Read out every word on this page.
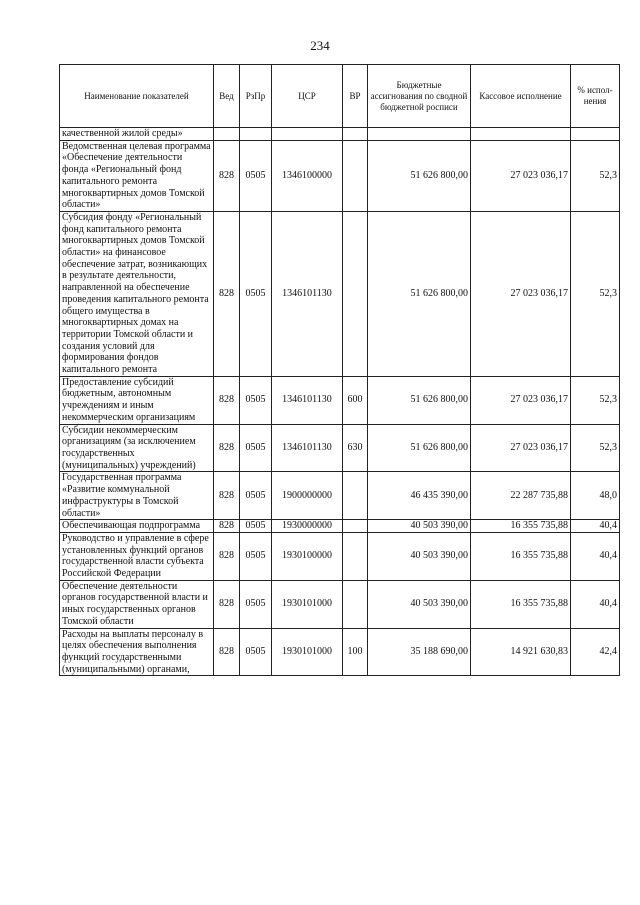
234
Наименование показателей	Вед	РзПр	ЦСР	ВР	Бюджетные ассигнования по сводной бюджетной росписи	Кассовое исполнение	% испол-нения
качественной жилой среды»							
Ведомственная целевая программа «Обеспечение деятельности фонда «Региональный фонд капитального ремонта многоквартирных домов Томской области»	828	0505	1346100000		51 626 800,00	27 023 036,17	52,3
Субсидия фонду «Региональный фонд капитального ремонта многоквартирных домов Томской области» на финансовое обеспечение затрат, возникающих в результате деятельности, направленной на обеспечение проведения капитального ремонта общего имущества в многоквартирных домах на территории Томской области и создания условий для формирования фондов капитального ремонта	828	0505	1346101130		51 626 800,00	27 023 036,17	52,3
Предоставление субсидий бюджетным, автономным учреждениям и иным некоммерческим организациям	828	0505	1346101130	600	51 626 800,00	27 023 036,17	52,3
Субсидии некоммерческим организациям (за исключением государственных (муниципальных) учреждений)	828	0505	1346101130	630	51 626 800,00	27 023 036,17	52,3
Государственная программа «Развитие коммунальной инфраструктуры в Томской области»	828	0505	1900000000		46 435 390,00	22 287 735,88	48,0
Обеспечивающая подпрограмма	828	0505	1930000000		40 503 390,00	16 355 735,88	40,4
Руководство и управление в сфере установленных функций органов государственной власти субъекта Российской Федерации	828	0505	1930100000		40 503 390,00	16 355 735,88	40,4
Обеспечение деятельности органов государственной власти и иных государственных органов Томской области	828	0505	1930101000		40 503 390,00	16 355 735,88	40,4
Расходы на выплаты персоналу в целях обеспечения выполнения функций государственными (муниципальными) органами,	828	0505	1930101000	100	35 188 690,00	14 921 630,83	42,4
